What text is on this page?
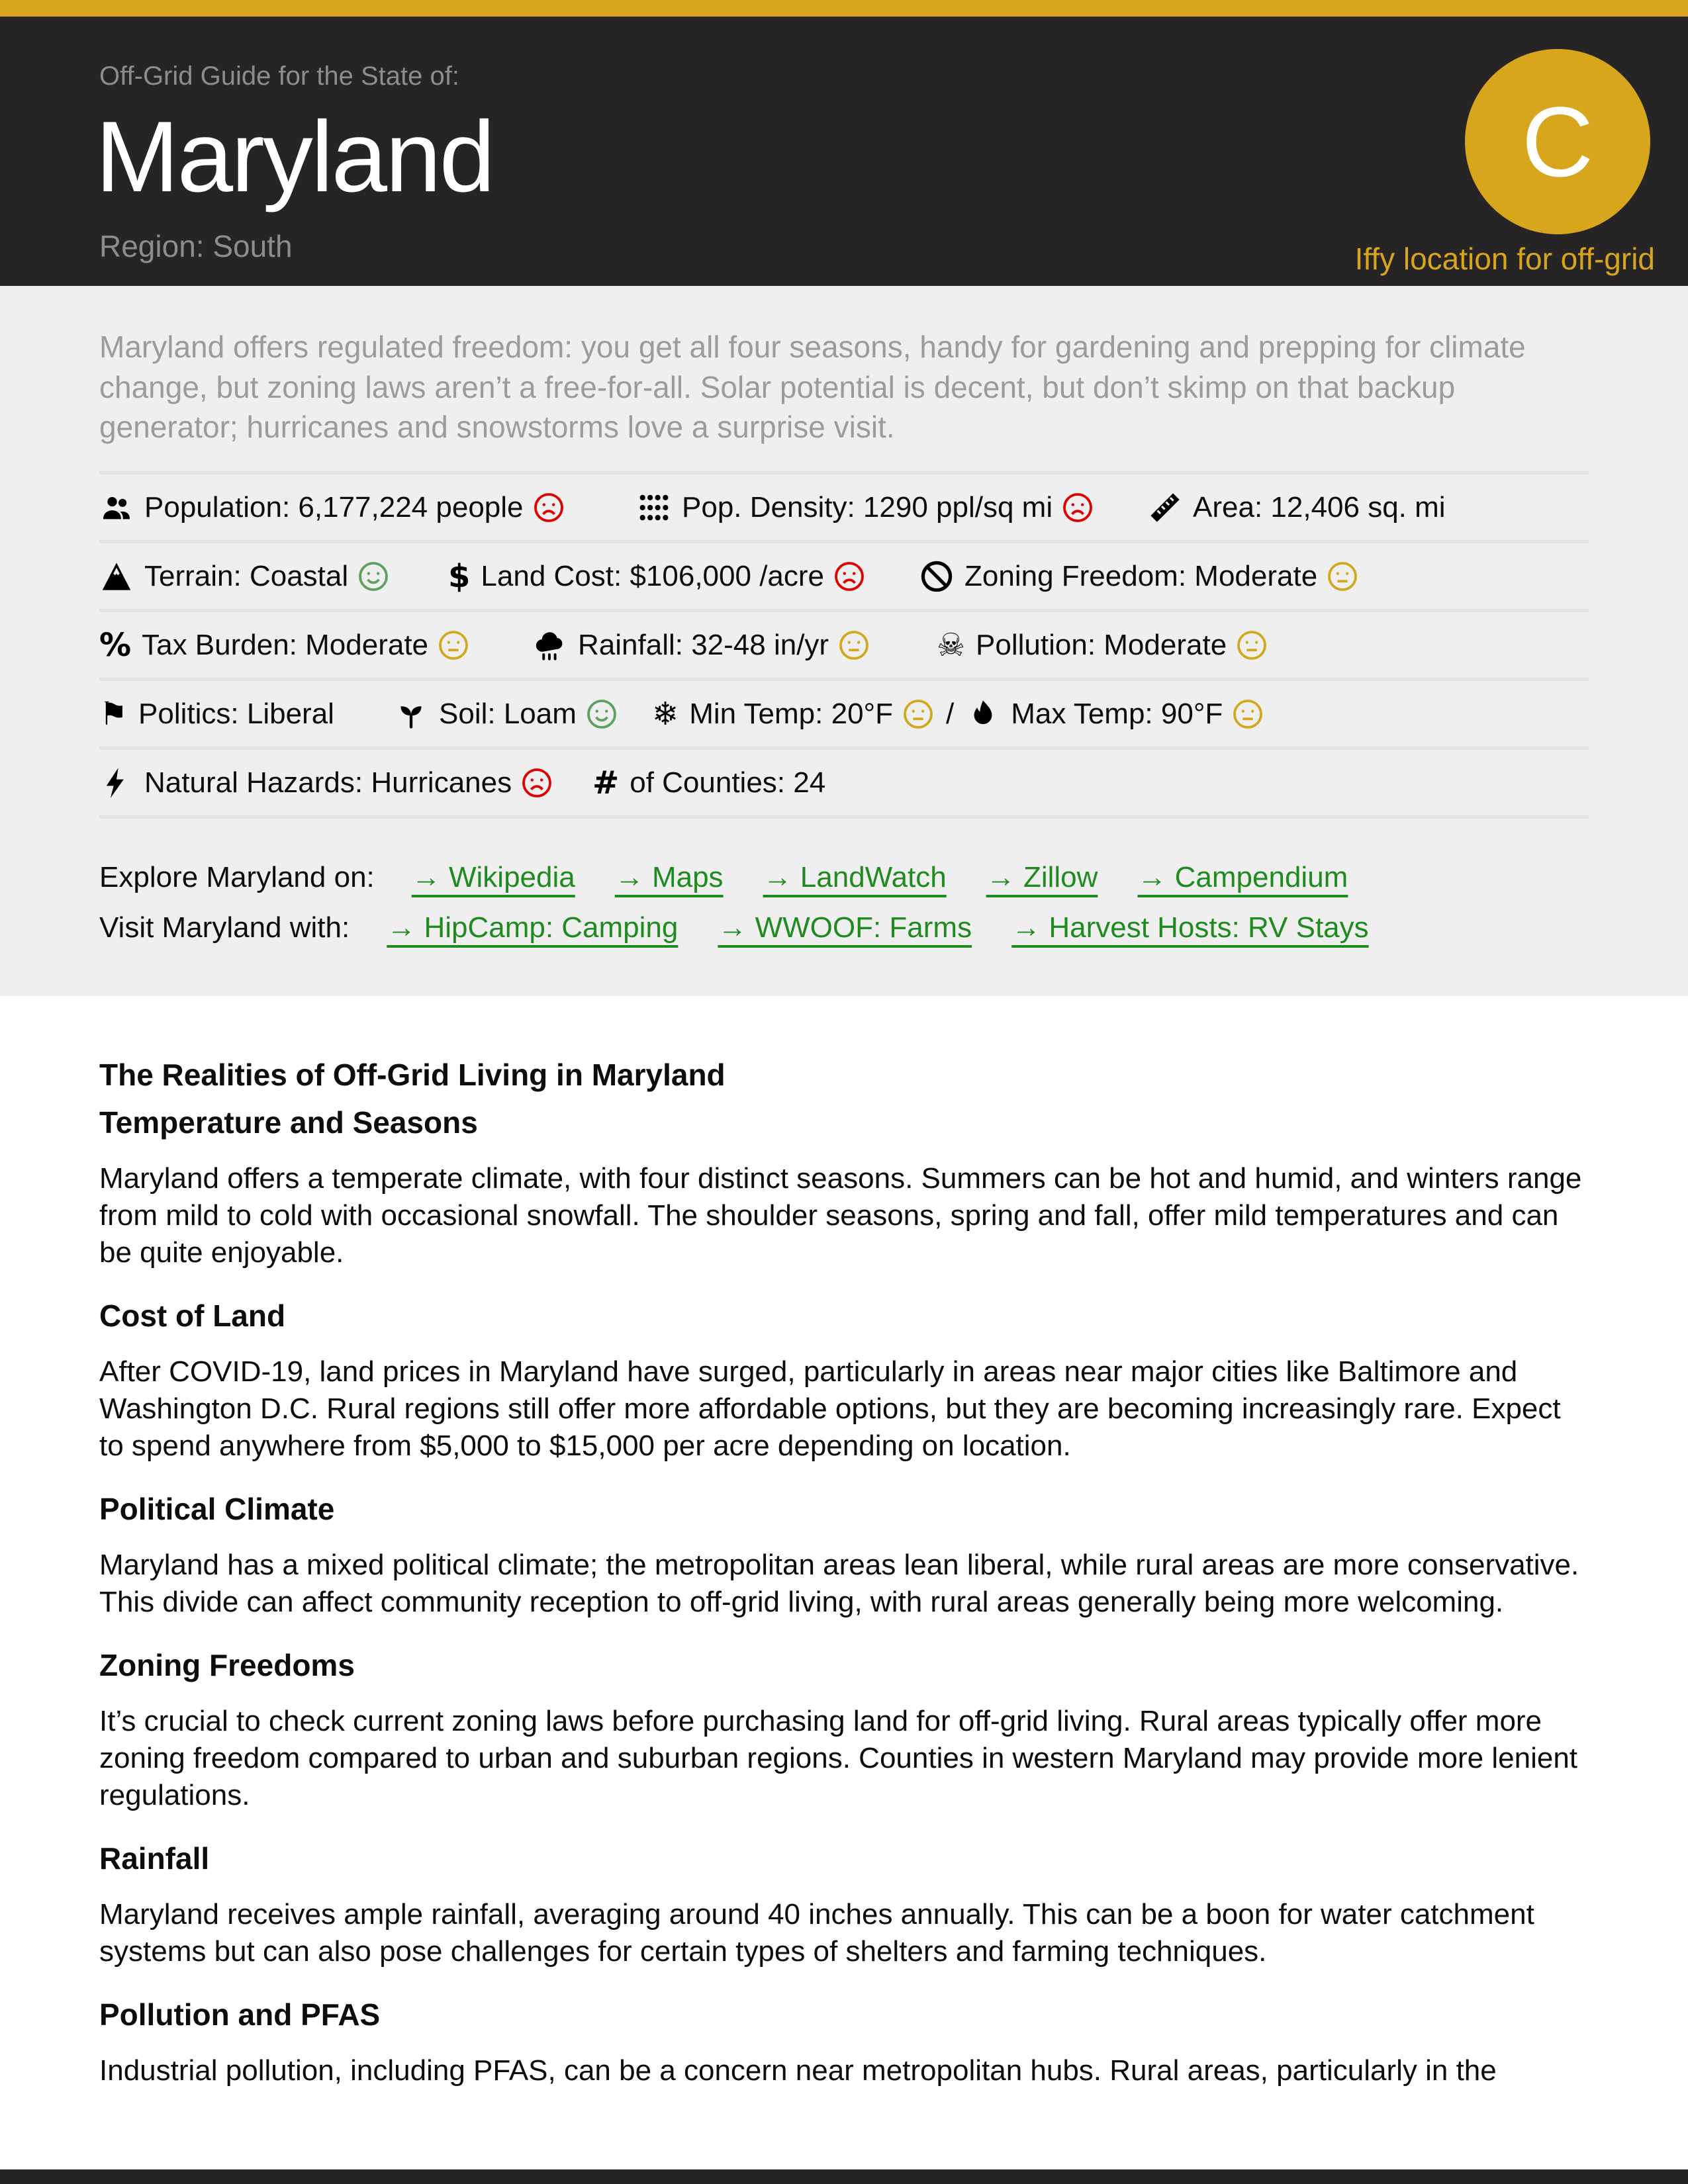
Off-Grid Guide for the State of:
Maryland
Region: South
C
Iffy location for off-grid

Maryland offers regulated freedom: you get all four seasons, handy for gardening and prepping for climate change, but zoning laws aren’t a free-for-all. Solar potential is decent, but don’t skimp on that backup generator; hurricanes and snowstorms love a surprise visit.

Population: 6,177,224 people	Pop. Density: 1290 ppl/sq mi	Area: 12,406 sq. mi
Terrain: Coastal	$ Land Cost: $106,000 /acre	Zoning Freedom: Moderate
% Tax Burden: Moderate	Rainfall: 32-48 in/yr	☠ Pollution: Moderate
⚑ Politics: Liberal	Soil: Loam ❄ Min Temp: 20°F / Max Temp: 90°F
Natural Hazards: Hurricanes	# of Counties: 24
Explore Maryland on: → Wikipedia → Maps → LandWatch → Zillow → Campendium
Visit Maryland with: → HipCamp: Camping → WWOOF: Farms → Harvest Hosts: RV Stays
The Realities of Off-Grid Living in Maryland
Temperature and Seasons

Maryland offers a temperate climate, with four distinct seasons. Summers can be hot and humid, and winters range from mild to cold with occasional snowfall. The shoulder seasons, spring and fall, offer mild temperatures and can be quite enjoyable.

Cost of Land

After COVID-19, land prices in Maryland have surged, particularly in areas near major cities like Baltimore and Washington D.C. Rural regions still offer more affordable options, but they are becoming increasingly rare. Expect to spend anywhere from $5,000 to $15,000 per acre depending on location.

Political Climate

Maryland has a mixed political climate; the metropolitan areas lean liberal, while rural areas are more conservative. This divide can affect community reception to off-grid living, with rural areas generally being more welcoming.

Zoning Freedoms

It’s crucial to check current zoning laws before purchasing land for off-grid living. Rural areas typically offer more zoning freedom compared to urban and suburban regions. Counties in western Maryland may provide more lenient regulations.

Rainfall

Maryland receives ample rainfall, averaging around 40 inches annually. This can be a boon for water catchment systems but can also pose challenges for certain types of shelters and farming techniques.

Pollution and PFAS

Industrial pollution, including PFAS, can be a concern near metropolitan hubs. Rural areas, particularly in the
